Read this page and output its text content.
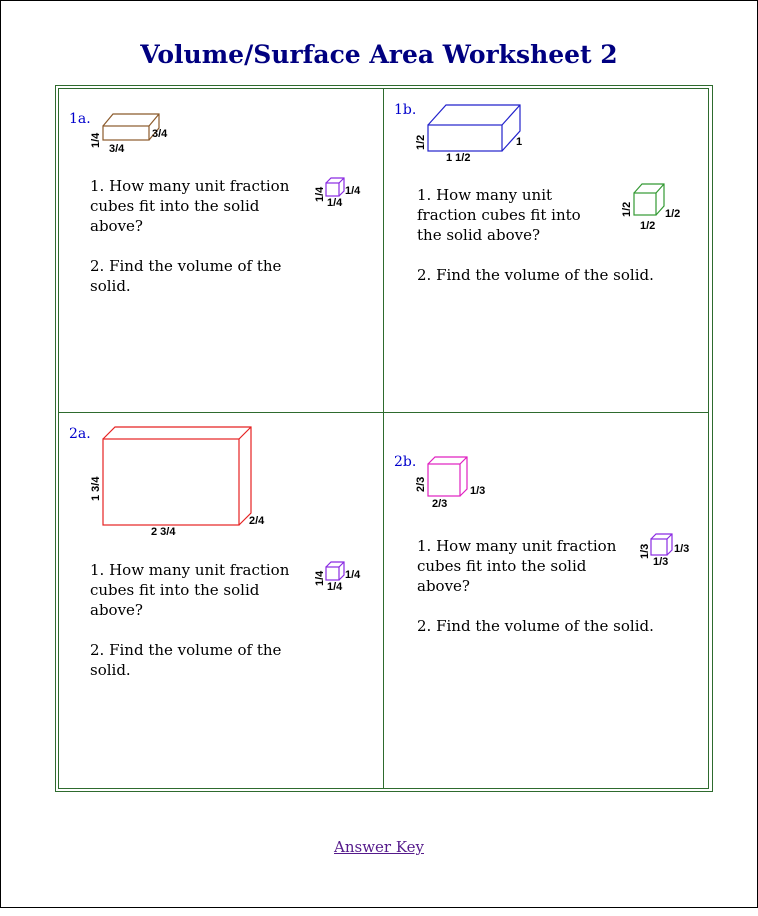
Volume/Surface Area Worksheet 2
1a.
1/4	3/4
3/4
1/4 1/4
1/4

1. How many unit fraction cubes fit into the solid above?

2. Find the volume of the solid.

1b.
1/2	1
1 1/2
1/2	1/2
1/2

1. How many unit fraction cubes fit into the solid above?

2. Find the volume of the solid.

2a.
1 3/4
2/4
2 3/4
1/4 1/4
1/4

1. How many unit fraction cubes fit into the solid above?

2. Find the volume of the solid.

2b.
2/3	1/3
2/3
1/3 1/3
1/3

1. How many unit fraction cubes fit into the solid above?

2. Find the volume of the solid.

Answer Key
